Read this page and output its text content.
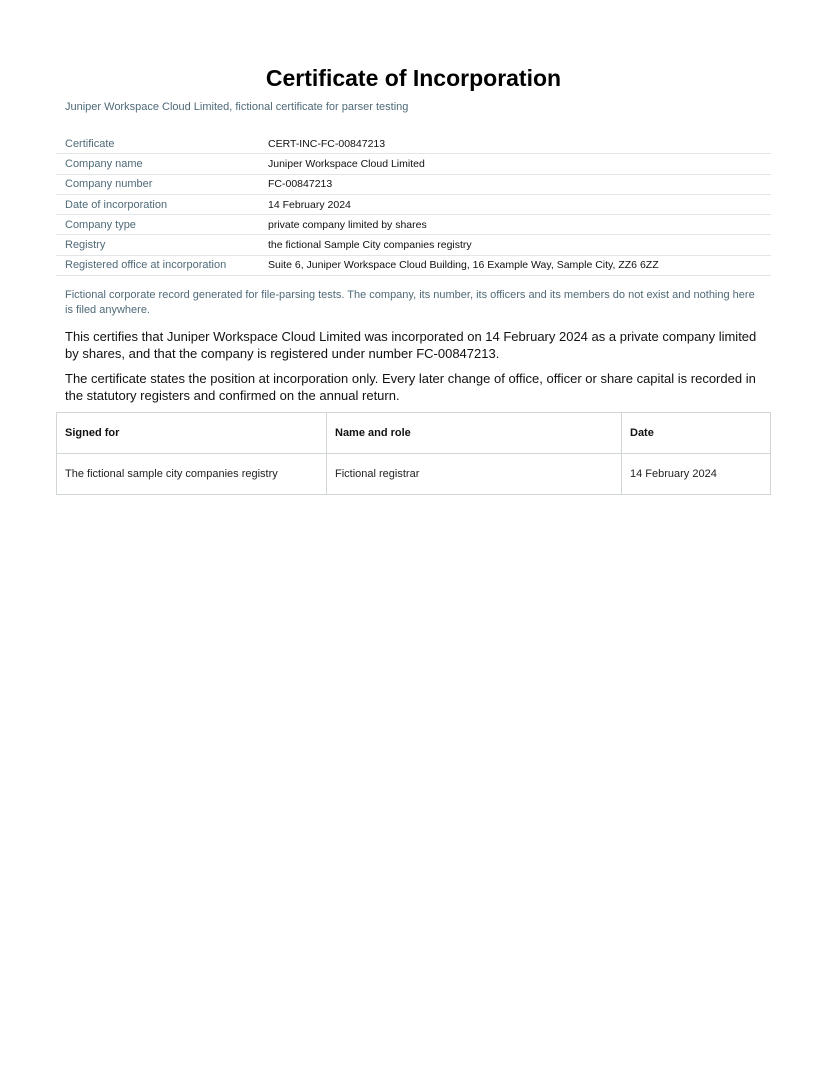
Certificate of Incorporation
Juniper Workspace Cloud Limited, fictional certificate for parser testing
Certificate	CERT-INC-FC-00847213
Company name	Juniper Workspace Cloud Limited
Company number	FC-00847213
Date of incorporation	14 February 2024
Company type	private company limited by shares
Registry	the fictional Sample City companies registry
Registered office at incorporation	Suite 6, Juniper Workspace Cloud Building, 16 Example Way, Sample City, ZZ6 6ZZ
Fictional corporate record generated for file-parsing tests. The company, its number, its officers and its members do not exist and nothing here is filed anywhere.
This certifies that Juniper Workspace Cloud Limited was incorporated on 14 February 2024 as a private company limited by shares, and that the company is registered under number FC-00847213.
The certificate states the position at incorporation only. Every later change of office, officer or share capital is recorded in the statutory registers and confirmed on the annual return.
Signed for	Name and role	Date
The fictional sample city companies registry	Fictional registrar	14 February 2024
